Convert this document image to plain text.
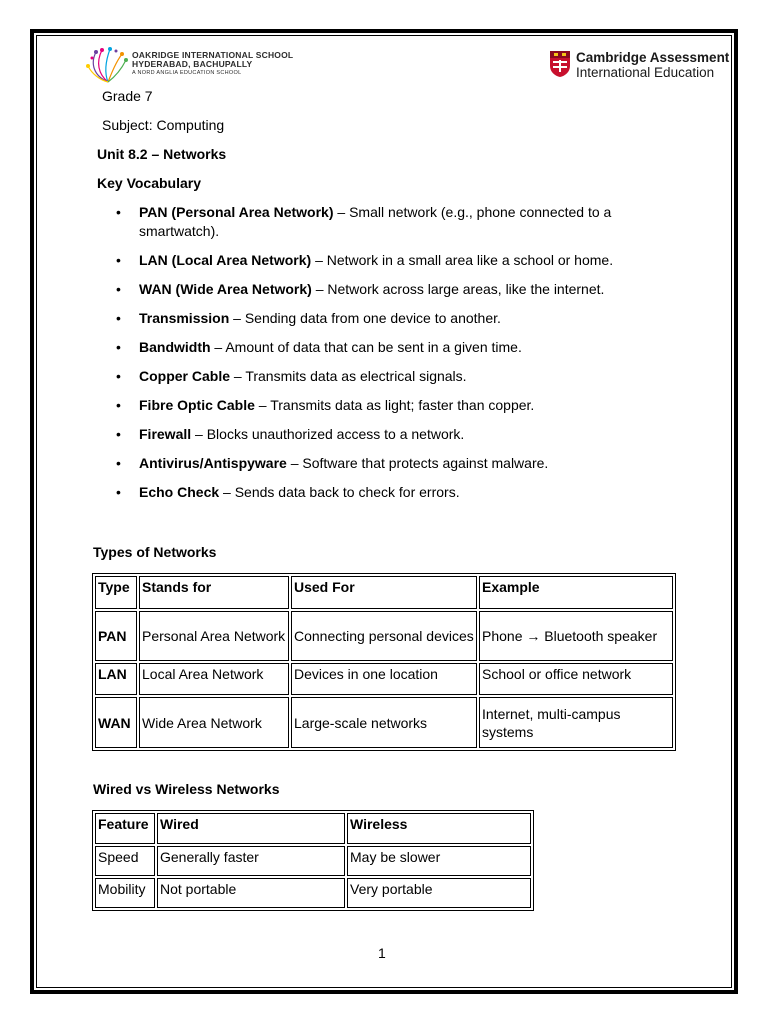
OAKRIDGE INTERNATIONAL SCHOOL
HYDERABAD, BACHUPALLY
A NORD ANGLIA EDUCATION SCHOOL
Cambridge Assessment
International Education
Grade 7
Subject: Computing
Unit 8.2 – Networks
Key Vocabulary
• PAN (Personal Area Network) – Small network (e.g., phone connected to a smartwatch).
• LAN (Local Area Network) – Network in a small area like a school or home.
• WAN (Wide Area Network) – Network across large areas, like the internet.
• Transmission – Sending data from one device to another.
• Bandwidth – Amount of data that can be sent in a given time.
• Copper Cable – Transmits data as electrical signals.
• Fibre Optic Cable – Transmits data as light; faster than copper.
• Firewall – Blocks unauthorized access to a network.
• Antivirus/Antispyware – Software that protects against malware.
• Echo Check – Sends data back to check for errors.
Types of Networks
Type	Stands for	Used For	Example
PAN	Personal Area Network	Connecting personal devices	Phone → Bluetooth speaker
LAN	Local Area Network	Devices in one location	School or office network
WAN	Wide Area Network	Large-scale networks	Internet, multi-campus systems
Wired vs Wireless Networks
Feature	Wired	Wireless
Speed	Generally faster	May be slower
Mobility	Not portable	Very portable
1
